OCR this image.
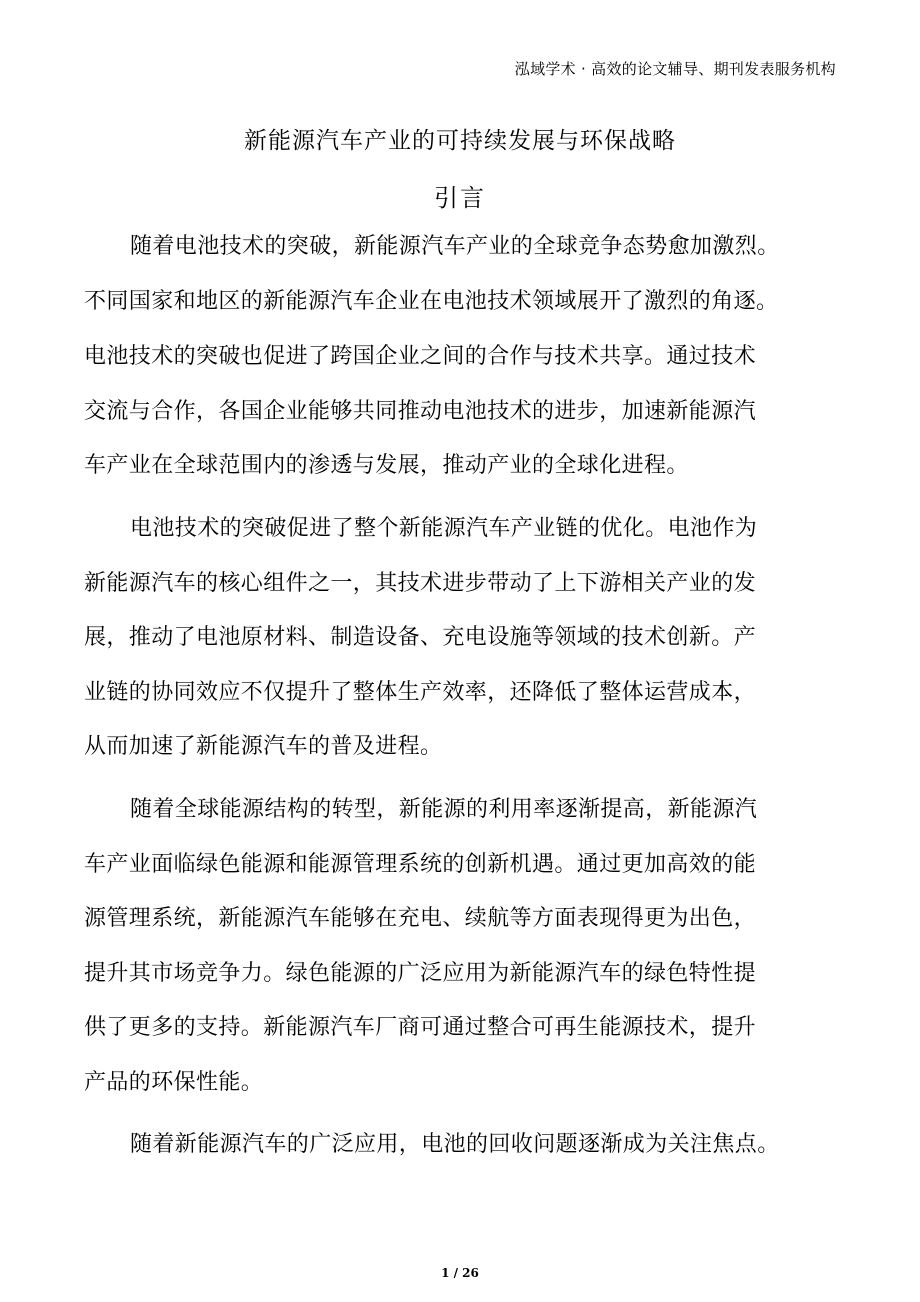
泓域学术 · 高效的论文辅导、期刊发表服务机构
新能源汽车产业的可持续发展与环保战略
引言
随着电池技术的突破，新能源汽车产业的全球竞争态势愈加激烈。
不同国家和地区的新能源汽车企业在电池技术领域展开了激烈的角逐。
电池技术的突破也促进了跨国企业之间的合作与技术共享。通过技术
交流与合作，各国企业能够共同推动电池技术的进步，加速新能源汽
车产业在全球范围内的渗透与发展，推动产业的全球化进程。
电池技术的突破促进了整个新能源汽车产业链的优化。电池作为
新能源汽车的核心组件之一，其技术进步带动了上下游相关产业的发
展，推动了电池原材料、制造设备、充电设施等领域的技术创新。产
业链的协同效应不仅提升了整体生产效率，还降低了整体运营成本，
从而加速了新能源汽车的普及进程。
随着全球能源结构的转型，新能源的利用率逐渐提高，新能源汽
车产业面临绿色能源和能源管理系统的创新机遇。通过更加高效的能
源管理系统，新能源汽车能够在充电、续航等方面表现得更为出色，
提升其市场竞争力。绿色能源的广泛应用为新能源汽车的绿色特性提
供了更多的支持。新能源汽车厂商可通过整合可再生能源技术，提升
产品的环保性能。
随着新能源汽车的广泛应用，电池的回收问题逐渐成为关注焦点。
1 / 26
